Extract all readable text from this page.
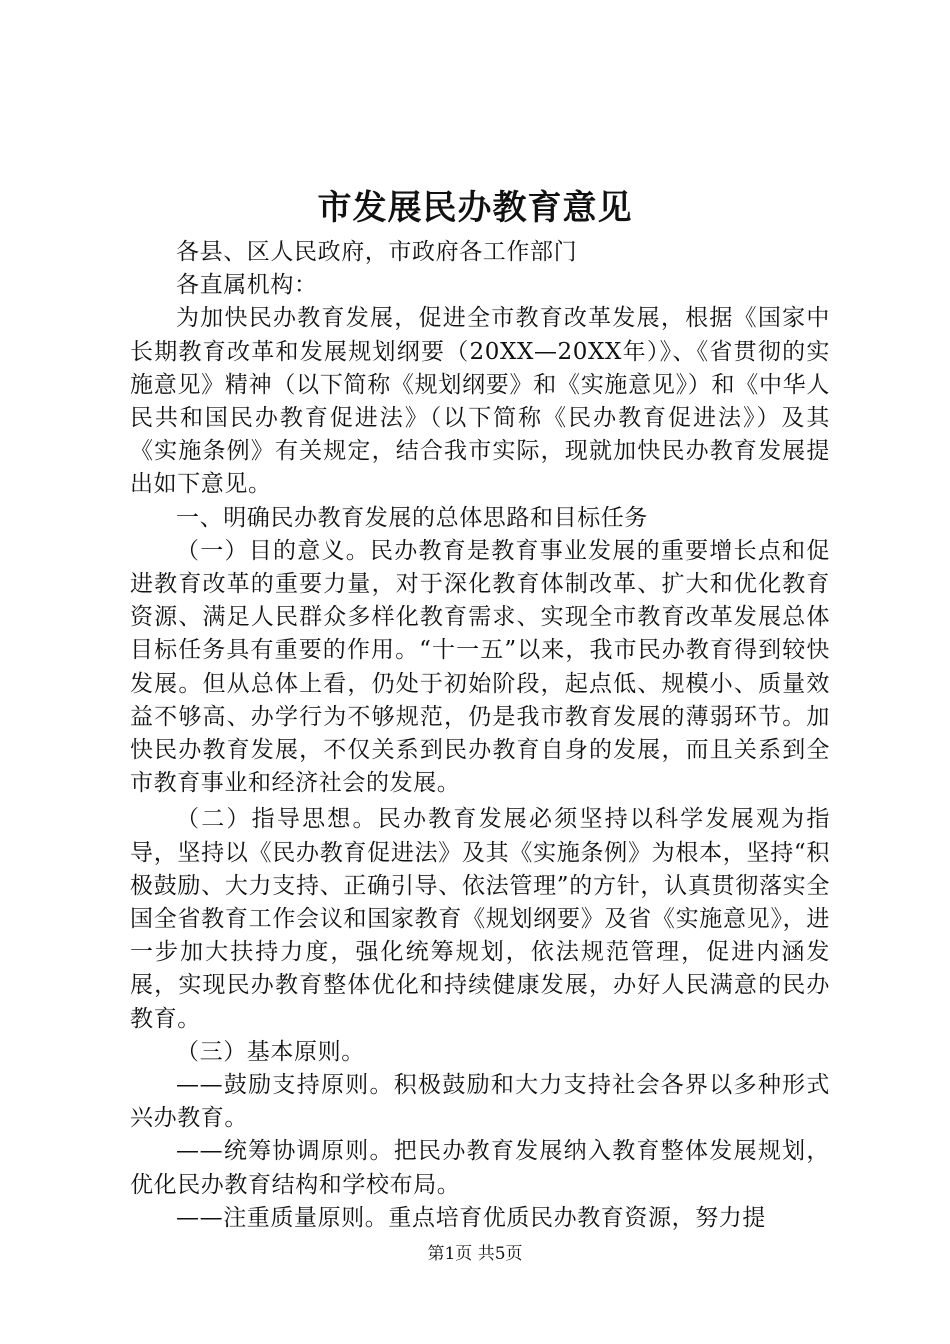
市发展民办教育意见

各县、区人民政府，市政府各工作部门

各直属机构：

为加快民办教育发展，促进全市教育改革发展，根据《国家中长期教育改革和发展规划纲要（20XX—20XX年）》、《省贯彻的实施意见》精神（以下简称《规划纲要》和《实施意见》）和《中华人民共和国民办教育促进法》（以下简称《民办教育促进法》）及其《实施条例》有关规定，结合我市实际，现就加快民办教育发展提出如下意见。

一、明确民办教育发展的总体思路和目标任务

（一）目的意义。民办教育是教育事业发展的重要增长点和促进教育改革的重要力量，对于深化教育体制改革、扩大和优化教育资源、满足人民群众多样化教育需求、实现全市教育改革发展总体目标任务具有重要的作用。“十一五”以来，我市民办教育得到较快发展。但从总体上看，仍处于初始阶段，起点低、规模小、质量效益不够高、办学行为不够规范，仍是我市教育发展的薄弱环节。加快民办教育发展，不仅关系到民办教育自身的发展，而且关系到全市教育事业和经济社会的发展。

（二）指导思想。民办教育发展必须坚持以科学发展观为指导，坚持以《民办教育促进法》及其《实施条例》为根本，坚持“积极鼓励、大力支持、正确引导、依法管理”的方针，认真贯彻落实全国全省教育工作会议和国家教育《规划纲要》及省《实施意见》，进一步加大扶持力度，强化统筹规划，依法规范管理，促进内涵发展，实现民办教育整体优化和持续健康发展，办好人民满意的民办教育。

（三）基本原则。

——鼓励支持原则。积极鼓励和大力支持社会各界以多种形式兴办教育。

——统筹协调原则。把民办教育发展纳入教育整体发展规划，优化民办教育结构和学校布局。

——注重质量原则。重点培育优质民办教育资源，努力提

第1页 共5页
